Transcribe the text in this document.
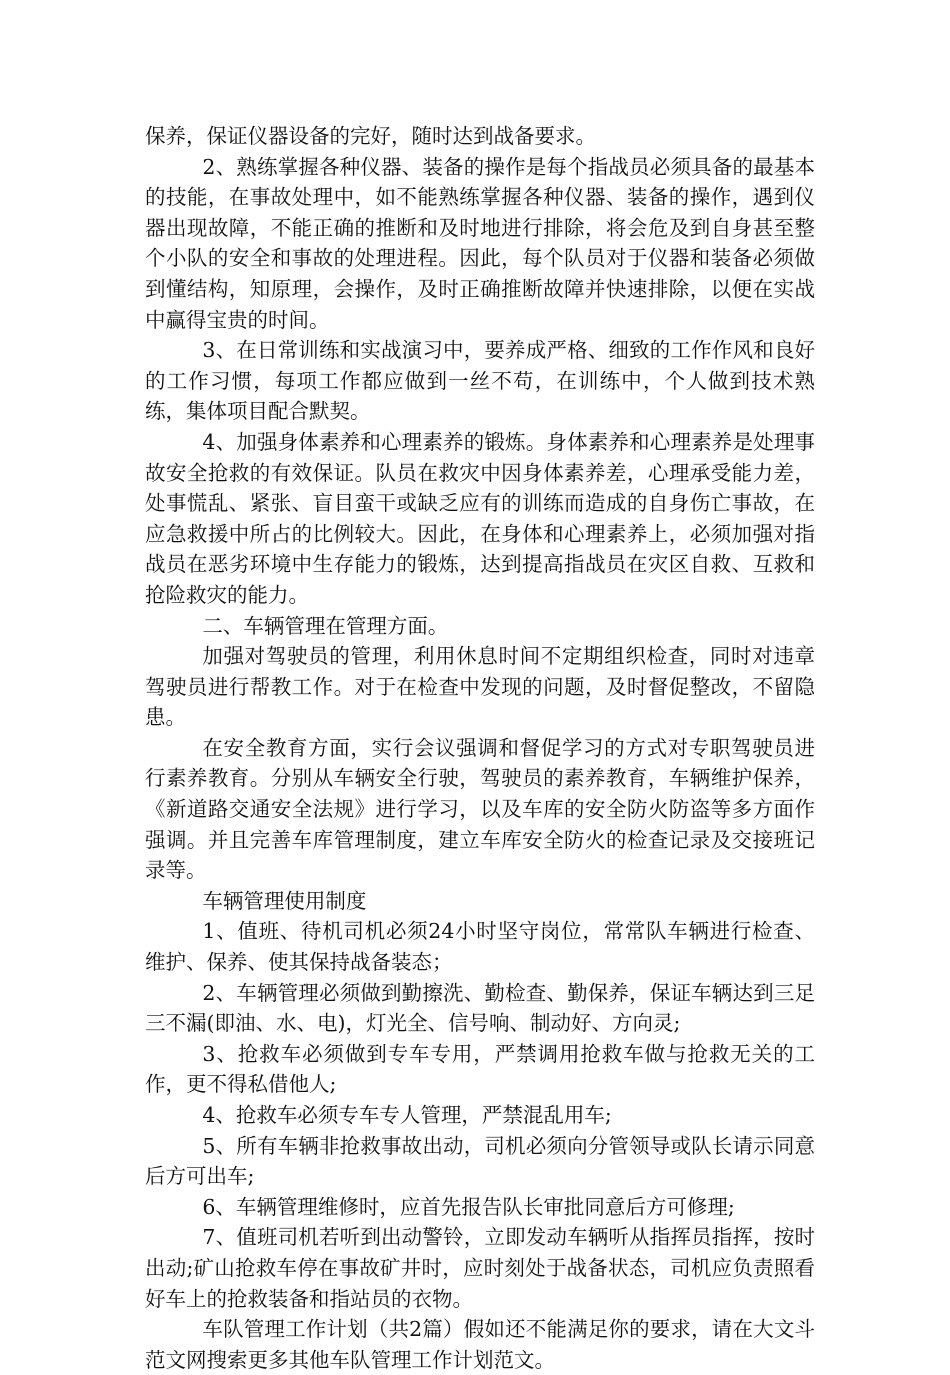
保养，保证仪器设备的完好，随时达到战备要求。

2、熟练掌握各种仪器、装备的操作是每个指战员必须具备的最基本的技能，在事故处理中，如不能熟练掌握各种仪器、装备的操作，遇到仪器出现故障，不能正确的推断和及时地进行排除，将会危及到自身甚至整个小队的安全和事故的处理进程。因此，每个队员对于仪器和装备必须做到懂结构，知原理，会操作，及时正确推断故障并快速排除，以便在实战中赢得宝贵的时间。

3、在日常训练和实战演习中，要养成严格、细致的工作作风和良好的工作习惯，每项工作都应做到一丝不苟，在训练中，个人做到技术熟练，集体项目配合默契。

4、加强身体素养和心理素养的锻炼。身体素养和心理素养是处理事故安全抢救的有效保证。队员在救灾中因身体素养差，心理承受能力差，处事慌乱、紧张、盲目蛮干或缺乏应有的训练而造成的自身伤亡事故，在应急救援中所占的比例较大。因此，在身体和心理素养上，必须加强对指战员在恶劣环境中生存能力的锻炼，达到提高指战员在灾区自救、互救和抢险救灾的能力。

二、车辆管理在管理方面。

加强对驾驶员的管理，利用休息时间不定期组织检查，同时对违章驾驶员进行帮教工作。对于在检查中发现的问题，及时督促整改，不留隐患。

在安全教育方面，实行会议强调和督促学习的方式对专职驾驶员进行素养教育。分别从车辆安全行驶，驾驶员的素养教育，车辆维护保养，《新道路交通安全法规》进行学习，以及车库的安全防火防盗等多方面作强调。并且完善车库管理制度，建立车库安全防火的检查记录及交接班记录等。

车辆管理使用制度

1、值班、待机司机必须24小时坚守岗位，常常队车辆进行检查、维护、保养、使其保持战备装态；

2、车辆管理必须做到勤擦洗、勤检查、勤保养，保证车辆达到三足三不漏(即油、水、电)，灯光全、信号响、制动好、方向灵;

3、抢救车必须做到专车专用，严禁调用抢救车做与抢救无关的工作，更不得私借他人;

4、抢救车必须专车专人管理，严禁混乱用车;

5、所有车辆非抢救事故出动，司机必须向分管领导或队长请示同意后方可出车;

6、车辆管理维修时，应首先报告队长审批同意后方可修理;

7、值班司机若听到出动警铃，立即发动车辆听从指挥员指挥，按时出动;矿山抢救车停在事故矿井时，应时刻处于战备状态，司机应负责照看好车上的抢救装备和指站员的衣物。

车队管理工作计划（共2篇）假如还不能满足你的要求，请在大文斗范文网搜索更多其他车队管理工作计划范文。
